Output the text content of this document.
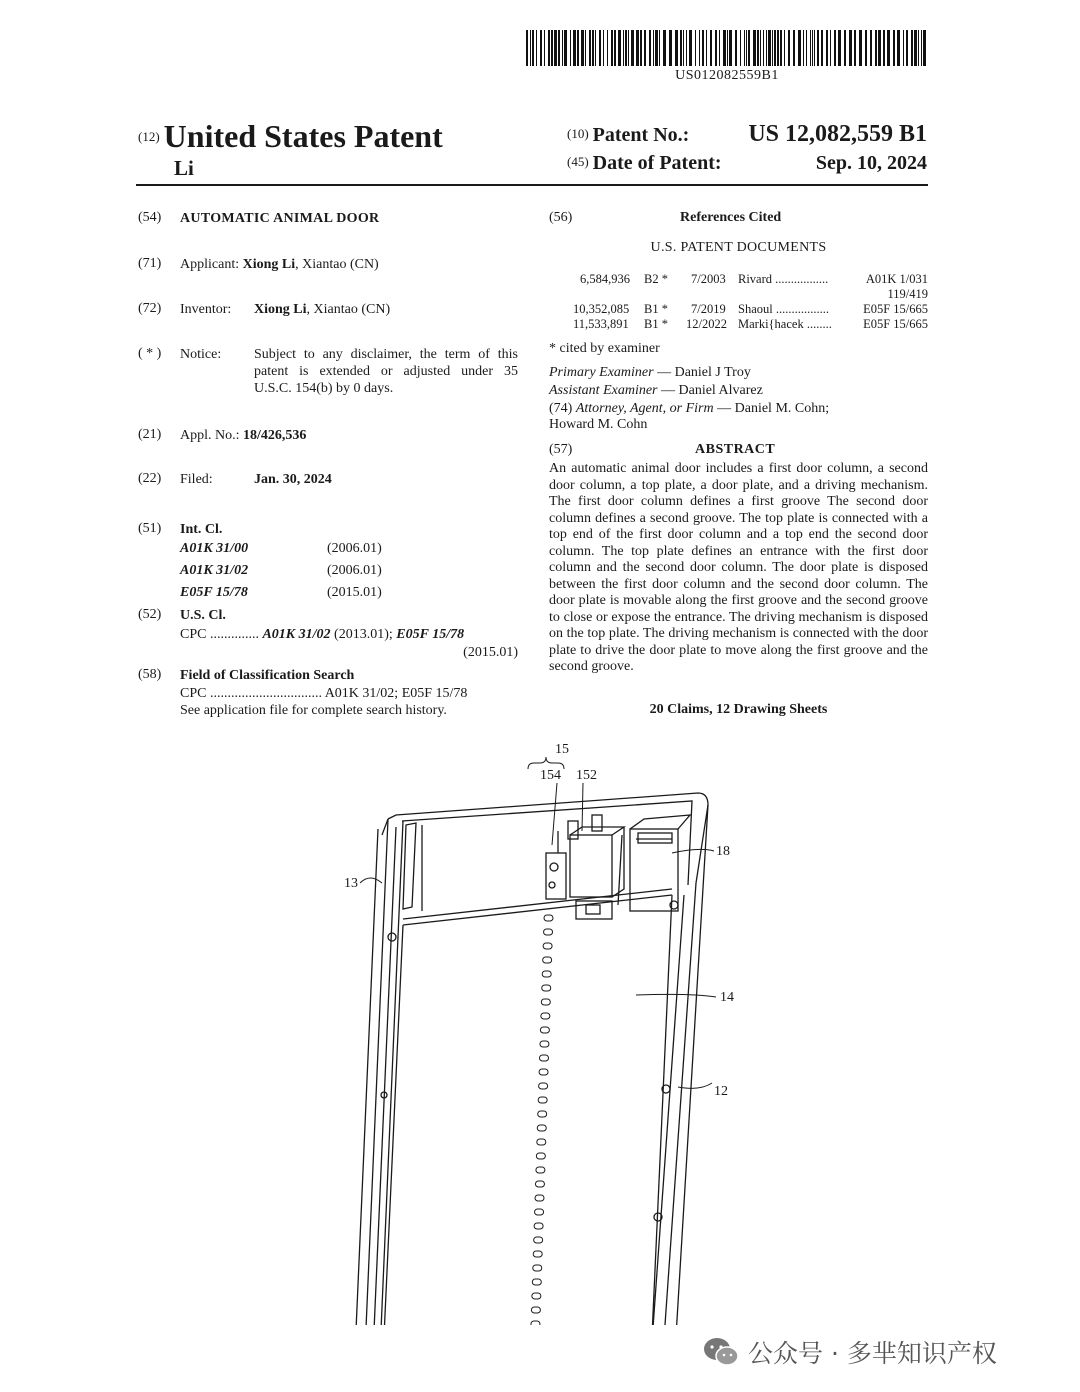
US012082559B1
$^{(12)}$ United States Patent
Li
(10) Patent No.: US 12,082,559 B1
(45) Date of Patent:	Sep. 10, 2024
(54) AUTOMATIC ANIMAL DOOR
(71) Applicant: Xiong Li, Xiantao (CN)
(72) Inventor: Xiong Li, Xiantao (CN)
( * ) Notice: Subject to any disclaimer, the term of this
patent is extended or adjusted under 35
U.S.C. 154(b) by 0 days.
(21) Appl. No.: 18/426,536
(22) Filed:	Jan. 30, 2024
(51) Int. Cl.
A01K 31/00	(2006.01)
A01K 31/02	(2006.01)
E05F 15/78	(2015.01)
(52) U.S. Cl.
CPC .............. A01K 31/02 (2013.01); E05F 15/78
(2015.01)
(58) Field of Classification Search
CPC ................................ A01K 31/02; E05F 15/78
See application file for complete search history.
(56)	References Cited
U.S. PATENT DOCUMENTS
6,584,936 B2 * 7/2003 Rivard .................	A01K 1/031
119/419
10,352,085 B1 * 7/2019 Shaoul .................	E05F 15/665
11,533,891 B1 * 12/2022 Marki{hacek ........ E05F 15/665
* cited by examiner
Primary Examiner — Daniel J Troy
Assistant Examiner — Daniel Alvarez
(74) Attorney, Agent, or Firm — Daniel M. Cohn;
Howard M. Cohn
(57)	ABSTRACT
An automatic animal door includes a first door column, a second door column, a top plate, a door plate, and a driving mechanism. The first door column defines a first groove The second door column defines a second groove. The top plate is connected with a top end of the first door column and a top end the second door column. The top plate defines an entrance with the first door column and the second door column. The door plate is disposed between the first door column and the second door column. The door plate is movable along the first groove and the second groove to close or expose the entrance. The driving mechanism is disposed on the top plate. The driving mechanism is connected with the door plate to drive the door plate to move along the first groove and the second groove.
20 Claims, 12 Drawing Sheets
15
154 152
18
13
14
12
公众号 · 多芈知识产权
